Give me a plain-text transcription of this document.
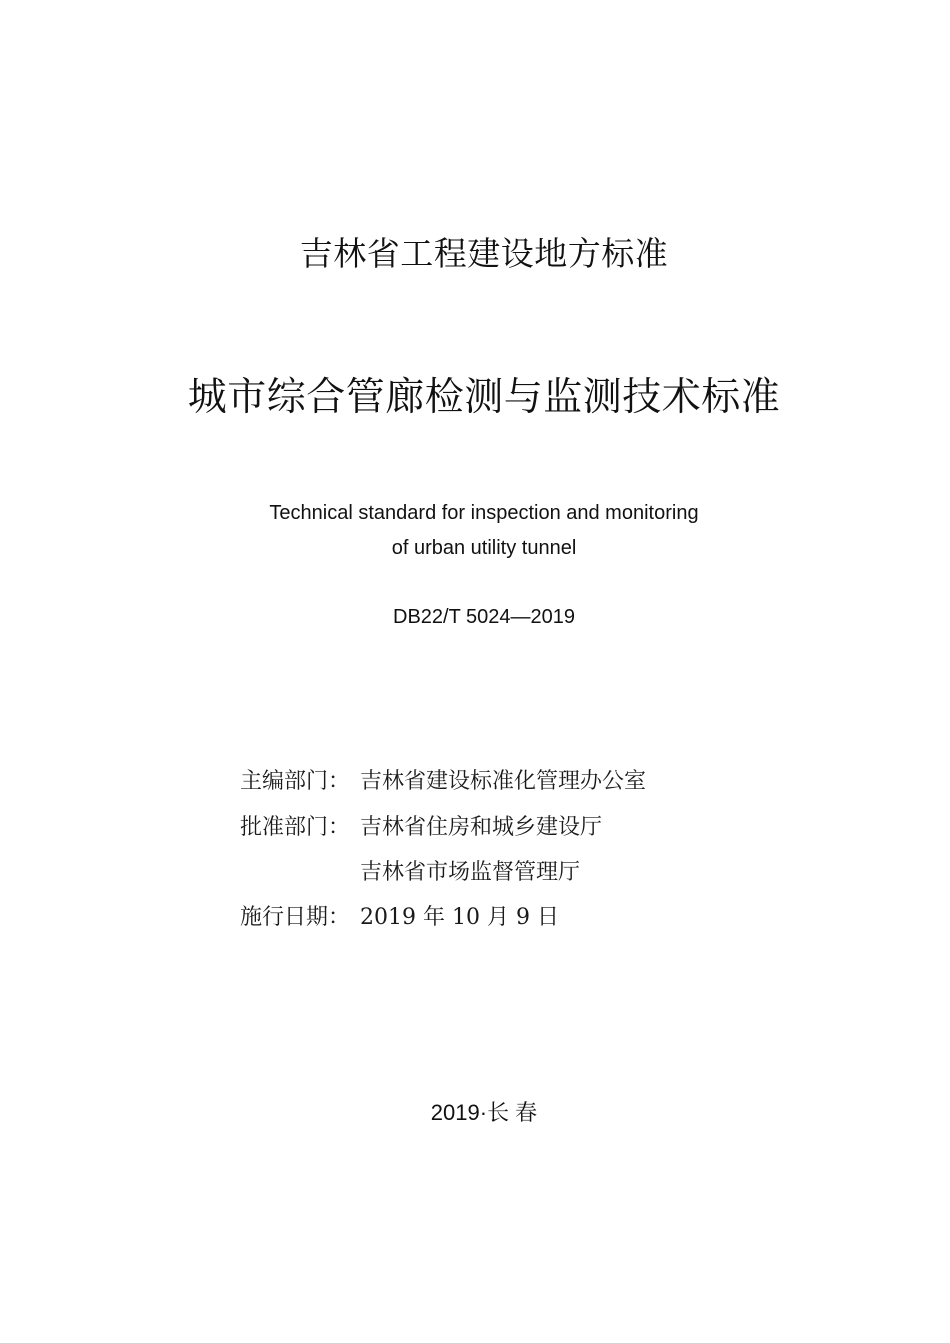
吉林省工程建设地方标准
城市综合管廊检测与监测技术标准
Technical standard for inspection and monitoring
of urban utility tunnel
DB22/T 5024—2019
主编部门： 吉林省建设标准化管理办公室
批准部门： 吉林省住房和城乡建设厅
吉林省市场监督管理厅
施行日期： 2019 年 10 月 9 日
2019·长 春
